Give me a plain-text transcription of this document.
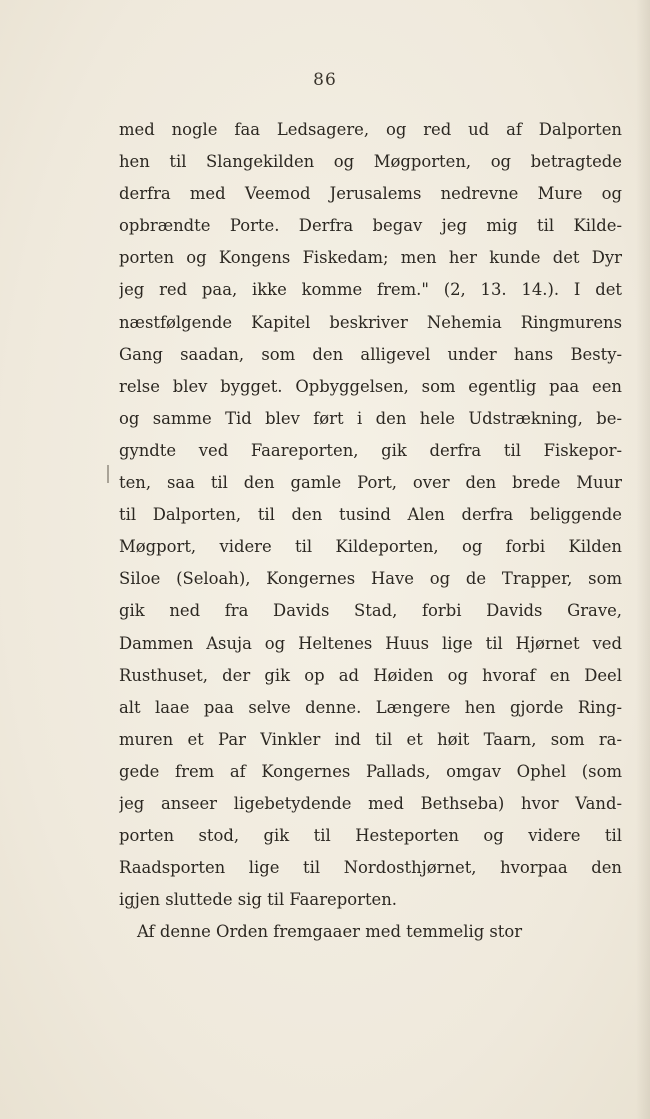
86
med nogle faa Ledsagere, og red ud af Dalporten
hen til Slangekilden og Møgporten, og betragtede
derfra med Veemod Jerusalems nedrevne Mure og
opbrændte Porte. Derfra begav jeg mig til Kilde-
porten og Kongens Fiskedam; men her kunde det Dyr
jeg red paa, ikke komme frem." (2, 13. 14.). I det
næstfølgende Kapitel beskriver Nehemia Ringmurens
Gang saadan, som den alligevel under hans Besty-
relse blev bygget. Opbyggelsen, som egentlig paa een
og samme Tid blev ført i den hele Udstrækning, be-
gyndte ved Faareporten, gik derfra til Fiskepor-
ten, saa til den gamle Port, over den brede Muur
til Dalporten, til den tusind Alen derfra beliggende
Møgport, videre til Kildeporten, og forbi Kilden
Siloe (Seloah), Kongernes Have og de Trapper, som
gik ned fra Davids Stad, forbi Davids Grave,
Dammen Asuja og Heltenes Huus lige til Hjørnet ved
Rusthuset, der gik op ad Høiden og hvoraf en Deel
alt laae paa selve denne. Længere hen gjorde Ring-
muren et Par Vinkler ind til et høit Taarn, som ra-
gede frem af Kongernes Pallads, omgav Ophel (som
jeg anseer ligebetydende med Bethseba) hvor Vand-
porten stod, gik til Hesteporten og videre til
Raadsporten lige til Nordosthjørnet, hvorpaa den
igjen sluttede sig til Faareporten.
Af denne Orden fremgaaer med temmelig stor
